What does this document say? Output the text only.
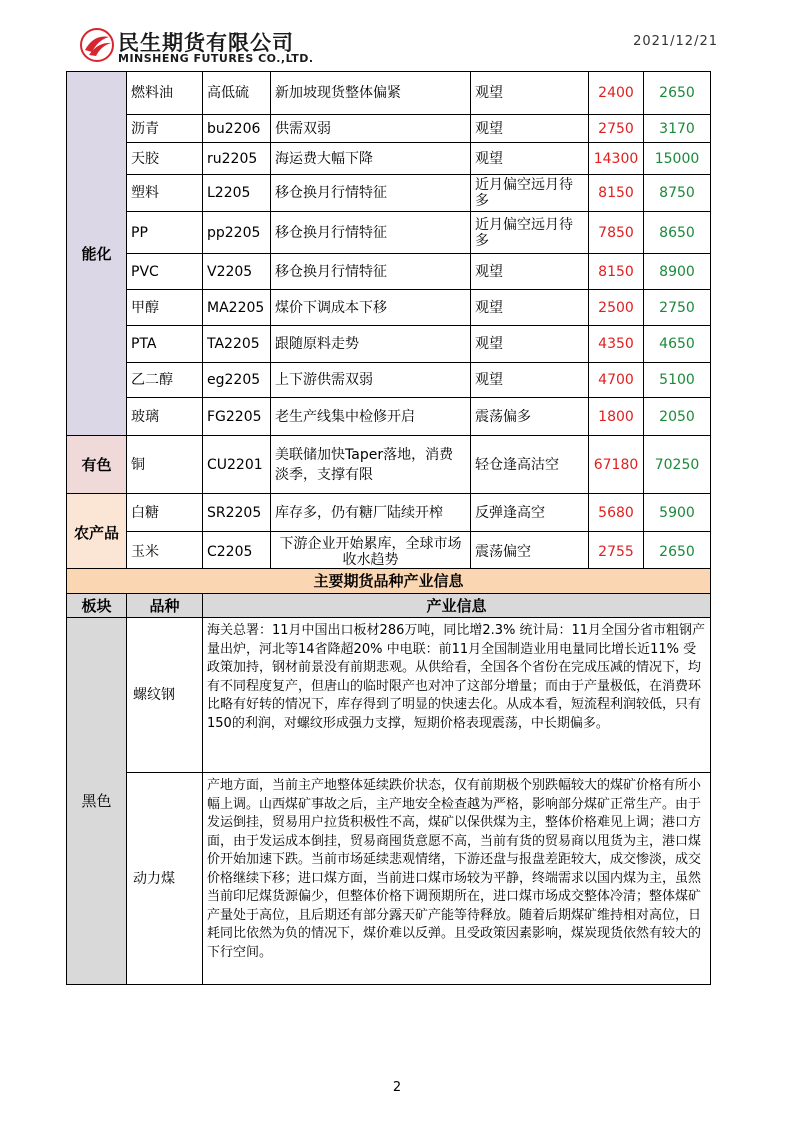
民生期货有限公司
MINSHENG FUTURES CO.,LTD.
2021/12/21
能化	燃料油	高低硫	新加坡现货整体偏紧	观望	2400	2650
	沥青	bu2206	供需双弱	观望	2750	3170
	天胶	ru2205	海运费大幅下降	观望	14300	15000
	塑料	L2205	移仓换月行情特征	近月偏空远月待多	8150	8750
	PP	pp2205	移仓换月行情特征	近月偏空远月待多	7850	8650
	PVC	V2205	移仓换月行情特征	观望	8150	8900
	甲醇	MA2205	煤价下调成本下移	观望	2500	2750
	PTA	TA2205	跟随原料走势	观望	4350	4650
	乙二醇	eg2205	上下游供需双弱	观望	4700	5100
	玻璃	FG2205	老生产线集中检修开启	震荡偏多	1800	2050
有色	铜	CU2201	美联储加快Taper落地，消费淡季，支撑有限	轻仓逢高沽空	67180	70250
农产品	白糖	SR2205	库存多，仍有糖厂陆续开榨	反弹逢高空	5680	5900
	玉米	C2205	下游企业开始累库，全球市场收水趋势	震荡偏空	2755	2650
主要期货品种产业信息		
板块	品种	产业信息
黑色	螺纹钢	海关总署：11月中国出口板材286万吨，同比增2.3% 统计局：11月全国分省市粗钢产量出炉，河北等14省降超20% 中电联：前11月全国制造业用电量同比增长近11% 受政策加持，钢材前景没有前期悲观。从供给看，全国各个省份在完成压减的情况下，均有不同程度复产，但唐山的临时限产也对冲了这部分增量；而由于产量极低，在消费环比略有好转的情况下，库存得到了明显的快速去化。从成本看，短流程利润较低，只有150的利润，对螺纹形成强力支撑，短期价格表现震荡，中长期偏多。
	动力煤	产地方面，当前主产地整体延续跌价状态，仅有前期极个别跌幅较大的煤矿价格有所小幅上调。山西煤矿事故之后，主产地安全检查越为严格，影响部分煤矿正常生产。由于发运倒挂，贸易用户拉货积极性不高，煤矿以保供煤为主，整体价格难见上调；港口方面，由于发运成本倒挂，贸易商囤货意愿不高，当前有货的贸易商以甩货为主，港口煤价开始加速下跌。当前市场延续悲观情绪，下游还盘与报盘差距较大，成交惨淡，成交价格继续下移；进口煤方面，当前进口煤市场较为平静，终端需求以国内煤为主，虽然当前印尼煤货源偏少，但整体价格下调预期所在，进口煤市场成交整体冷清；整体煤矿产量处于高位，且后期还有部分露天矿产能等待释放。随着后期煤矿维持相对高位，日耗同比依然为负的情况下，煤价难以反弹。且受政策因素影响，煤炭现货依然有较大的下行空间。
2
